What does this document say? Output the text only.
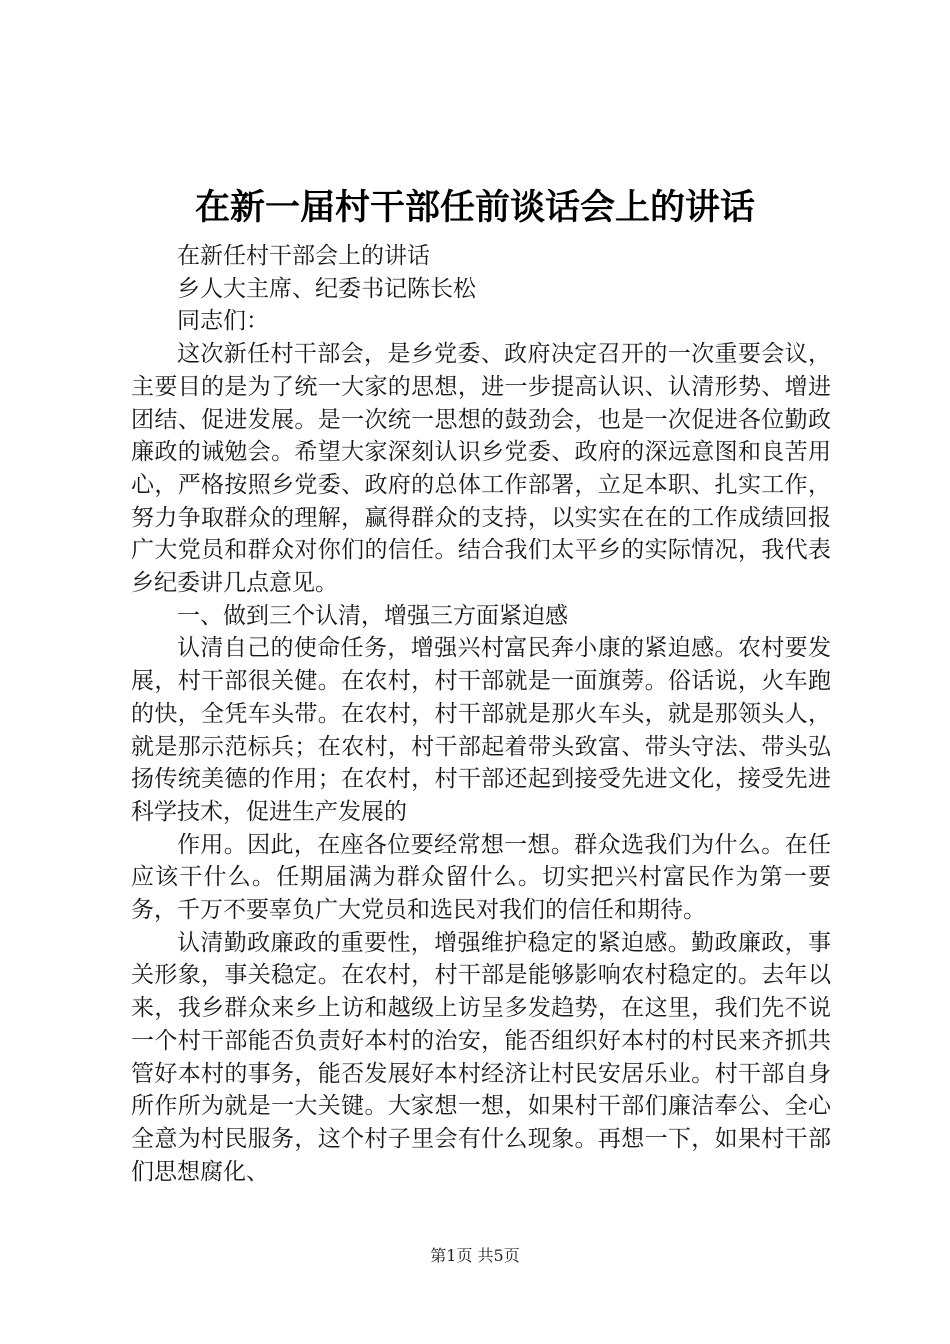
在新一届村干部任前谈话会上的讲话

在新任村干部会上的讲话

乡人大主席、纪委书记陈长松

同志们：

这次新任村干部会，是乡党委、政府决定召开的一次重要会议，主要目的是为了统一大家的思想，进一步提高认识、认清形势、增进团结、促进发展。是一次统一思想的鼓劲会，也是一次促进各位勤政廉政的诫勉会。希望大家深刻认识乡党委、政府的深远意图和良苦用心，严格按照乡党委、政府的总体工作部署，立足本职、扎实工作，努力争取群众的理解，赢得群众的支持，以实实在在的工作成绩回报广大党员和群众对你们的信任。结合我们太平乡的实际情况，我代表乡纪委讲几点意见。

一、做到三个认清，增强三方面紧迫感

认清自己的使命任务，增强兴村富民奔小康的紧迫感。农村要发展，村干部很关健。在农村，村干部就是一面旗蒡。俗话说，火车跑的快，全凭车头带。在农村，村干部就是那火车头，就是那领头人，就是那示范标兵；在农村，村干部起着带头致富、带头守法、带头弘扬传统美德的作用；在农村，村干部还起到接受先进文化，接受先进科学技术，促进生产发展的

作用。因此，在座各位要经常想一想。群众选我们为什么。在任应该干什么。任期届满为群众留什么。切实把兴村富民作为第一要务，千万不要辜负广大党员和选民对我们的信任和期待。

认清勤政廉政的重要性，增强维护稳定的紧迫感。勤政廉政，事关形象，事关稳定。在农村，村干部是能够影响农村稳定的。去年以来，我乡群众来乡上访和越级上访呈多发趋势，在这里，我们先不说一个村干部能否负责好本村的治安，能否组织好本村的村民来齐抓共管好本村的事务，能否发展好本村经济让村民安居乐业。村干部自身所作所为就是一大关键。大家想一想，如果村干部们廉洁奉公、全心全意为村民服务，这个村子里会有什么现象。再想一下，如果村干部们思想腐化、

第1页 共5页
